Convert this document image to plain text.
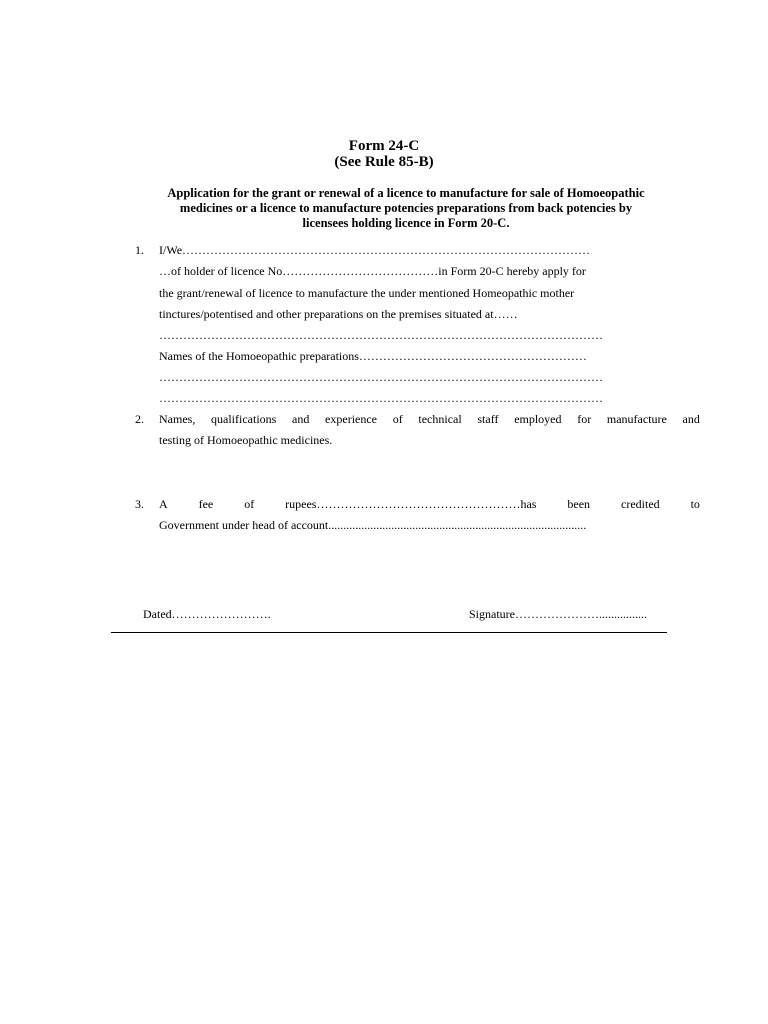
Form 24-C
(See Rule 85-B)
Application for the grant or renewal of a licence to manufacture for sale of Homoeopathic
medicines or a licence to manufacture potencies preparations from back potencies by
licensees holding licence in Form 20-C.
1. I/We…………………………………………………………………………………………
…of holder of licence No…………………………………in Form 20-C hereby apply for
the grant/renewal of licence to manufacture the under mentioned Homeopathic mother
tinctures/potentised and other preparations on the premises situated at……
…………………………………………………………………………………………………
Names of the Homoeopathic preparations…………………………………………………
…………………………………………………………………………………………………
…………………………………………………………………………………………………
2. Names, qualifications and experience of technical staff employed for manufacture and
testing of Homoeopathic medicines.
3. A	fee	of	rupees……………………………………………has	been	credited	to
Government under head of account......................................................................................
Dated…………………….	Signature…………………................
